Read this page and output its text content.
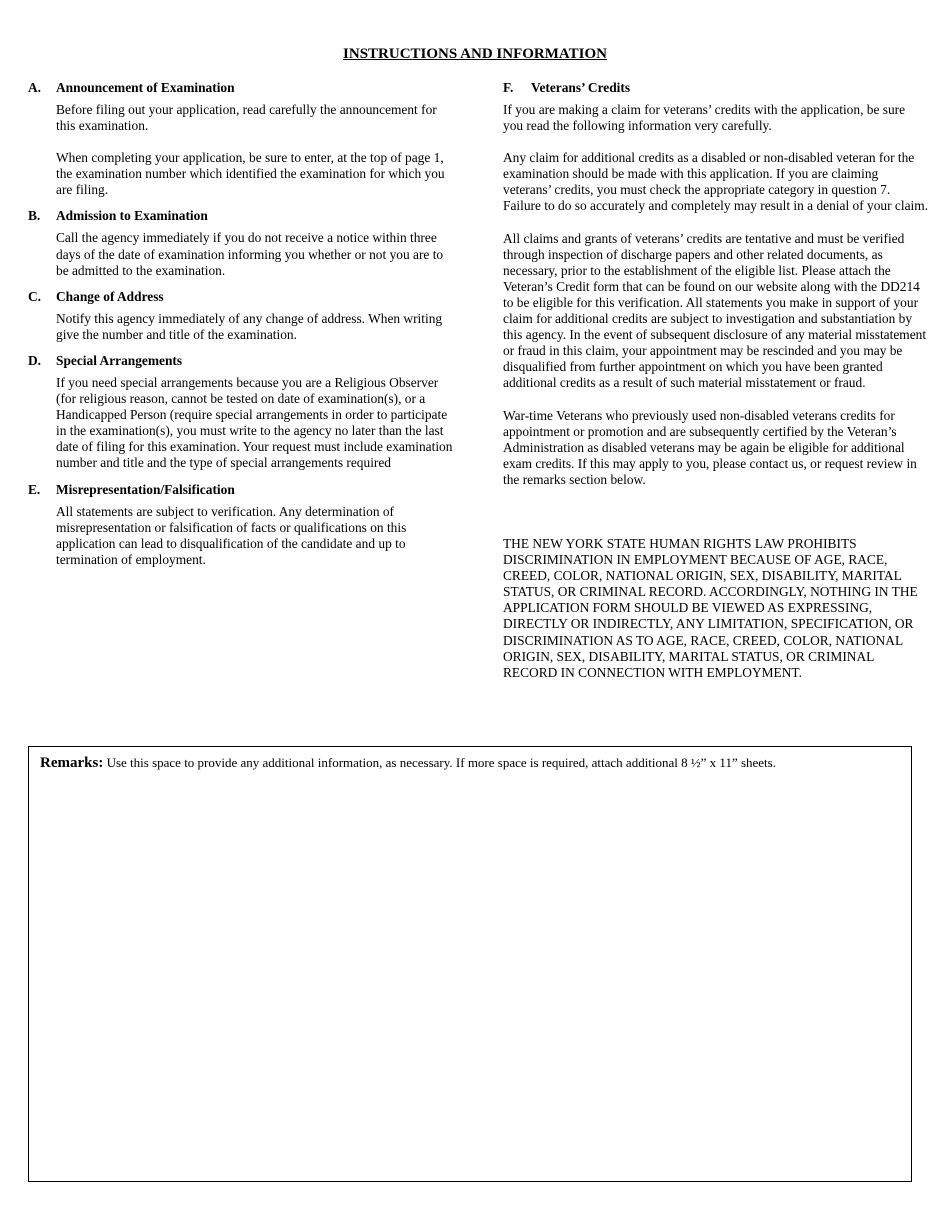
INSTRUCTIONS AND INFORMATION
A.	Announcement of Examination

Before filing out your application, read carefully the announcement for this examination.

When completing your application, be sure to enter, at the top of page 1, the examination number which identified the examination for which you are filing.

B.	Admission to Examination

Call the agency immediately if you do not receive a notice within three days of the date of examination informing you whether or not you are to be admitted to the examination.

C.	Change of Address

Notify this agency immediately of any change of address. When writing give the number and title of the examination.

D.	Special Arrangements

If you need special arrangements because you are a Religious Observer (for religious reason, cannot be tested on date of examination(s), or a Handicapped Person (require special arrangements in order to participate in the examination(s), you must write to the agency no later than the last date of filing for this examination. Your request must include examination number and title and the type of special arrangements required

E.	Misrepresentation/Falsification

All statements are subject to verification. Any determination of misrepresentation or falsification of facts or qualifications on this application can lead to disqualification of the candidate and up to termination of employment.

F.	Veterans’ Credits

If you are making a claim for veterans’ credits with the application, be sure you read the following information very carefully.

Any claim for additional credits as a disabled or non-disabled veteran for the examination should be made with this application. If you are claiming veterans’ credits, you must check the appropriate category in question 7. Failure to do so accurately and completely may result in a denial of your claim.

All claims and grants of veterans’ credits are tentative and must be verified through inspection of discharge papers and other related documents, as necessary, prior to the establishment of the eligible list. Please attach the Veteran’s Credit form that can be found on our website along with the DD214 to be eligible for this verification. All statements you make in support of your claim for additional credits are subject to investigation and substantiation by this agency. In the event of subsequent disclosure of any material misstatement or fraud in this claim, your appointment may be rescinded and you may be disqualified from further appointment on which you have been granted additional credits as a result of such material misstatement or fraud.

War-time Veterans who previously used non-disabled veterans credits for appointment or promotion and are subsequently certified by the Veteran’s Administration as disabled veterans may be again be eligible for additional exam credits. If this may apply to you, please contact us, or request review in the remarks section below.

THE NEW YORK STATE HUMAN RIGHTS LAW PROHIBITS DISCRIMINATION IN EMPLOYMENT BECAUSE OF AGE, RACE, CREED, COLOR, NATIONAL ORIGIN, SEX, DISABILITY, MARITAL STATUS, OR CRIMINAL RECORD. ACCORDINGLY, NOTHING IN THE APPLICATION FORM SHOULD BE VIEWED AS EXPRESSING, DIRECTLY OR INDIRECTLY, ANY LIMITATION, SPECIFICATION, OR DISCRIMINATION AS TO AGE, RACE, CREED, COLOR, NATIONAL ORIGIN, SEX, DISABILITY, MARITAL STATUS, OR CRIMINAL RECORD IN CONNECTION WITH EMPLOYMENT.

Remarks: Use this space to provide any additional information, as necessary. If more space is required, attach additional 8 ½” x 11” sheets.
